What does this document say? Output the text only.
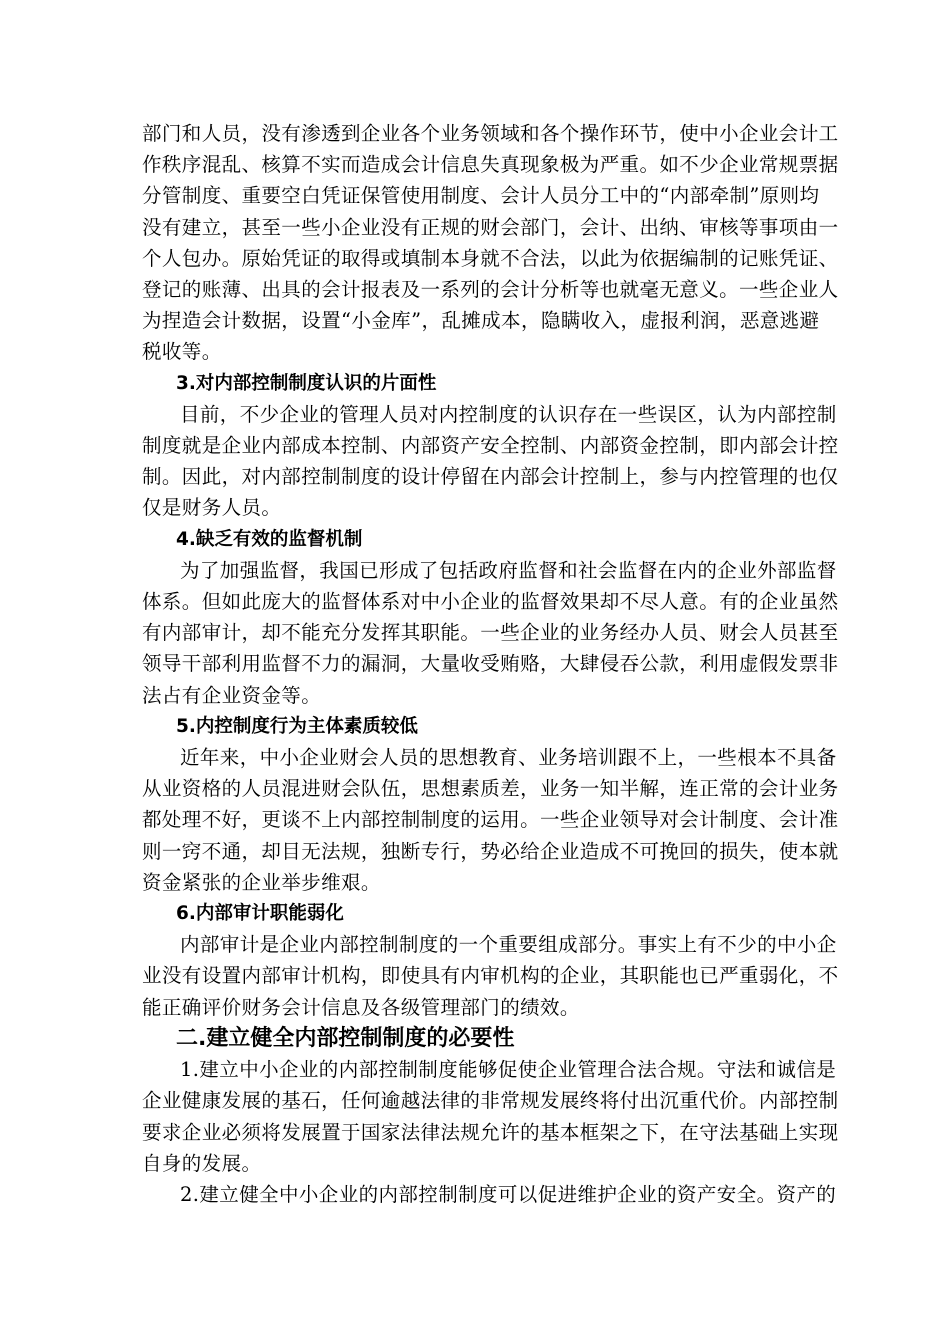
部门和人员，没有渗透到企业各个业务领域和各个操作环节，使中小企业会计工
作秩序混乱、核算不实而造成会计信息失真现象极为严重。如不少企业常规票据
分管制度、重要空白凭证保管使用制度、会计人员分工中的“内部牵制”原则均
没有建立，甚至一些小企业没有正规的财会部门，会计、出纳、审核等事项由一
个人包办。原始凭证的取得或填制本身就不合法，以此为依据编制的记账凭证、
登记的账薄、出具的会计报表及一系列的会计分析等也就毫无意义。一些企业人
为捏造会计数据，设置“小金库”，乱摊成本，隐瞒收入，虚报利润，恶意逃避
税收等。
3.对内部控制制度认识的片面性
目前，不少企业的管理人员对内控制度的认识存在一些误区，认为内部控制
制度就是企业内部成本控制、内部资产安全控制、内部资金控制，即内部会计控
制。因此，对内部控制制度的设计停留在内部会计控制上，参与内控管理的也仅
仅是财务人员。
4.缺乏有效的监督机制
为了加强监督，我国已形成了包括政府监督和社会监督在内的企业外部监督
体系。但如此庞大的监督体系对中小企业的监督效果却不尽人意。有的企业虽然
有内部审计，却不能充分发挥其职能。一些企业的业务经办人员、财会人员甚至
领导干部利用监督不力的漏洞，大量收受贿赂，大肆侵吞公款，利用虚假发票非
法占有企业资金等。
5.内控制度行为主体素质较低
近年来，中小企业财会人员的思想教育、业务培训跟不上，一些根本不具备
从业资格的人员混进财会队伍，思想素质差，业务一知半解，连正常的会计业务
都处理不好，更谈不上内部控制制度的运用。一些企业领导对会计制度、会计准
则一窍不通，却目无法规，独断专行，势必给企业造成不可挽回的损失，使本就
资金紧张的企业举步维艰。
6.内部审计职能弱化
内部审计是企业内部控制制度的一个重要组成部分。事实上有不少的中小企
业没有设置内部审计机构，即使具有内审机构的企业，其职能也已严重弱化，不
能正确评价财务会计信息及各级管理部门的绩效。
二.建立健全内部控制制度的必要性
1.建立中小企业的内部控制制度能够促使企业管理合法合规。守法和诚信是
企业健康发展的基石，任何逾越法律的非常规发展终将付出沉重代价。内部控制
要求企业必须将发展置于国家法律法规允许的基本框架之下，在守法基础上实现
自身的发展。
2.建立健全中小企业的内部控制制度可以促进维护企业的资产安全。资产的
